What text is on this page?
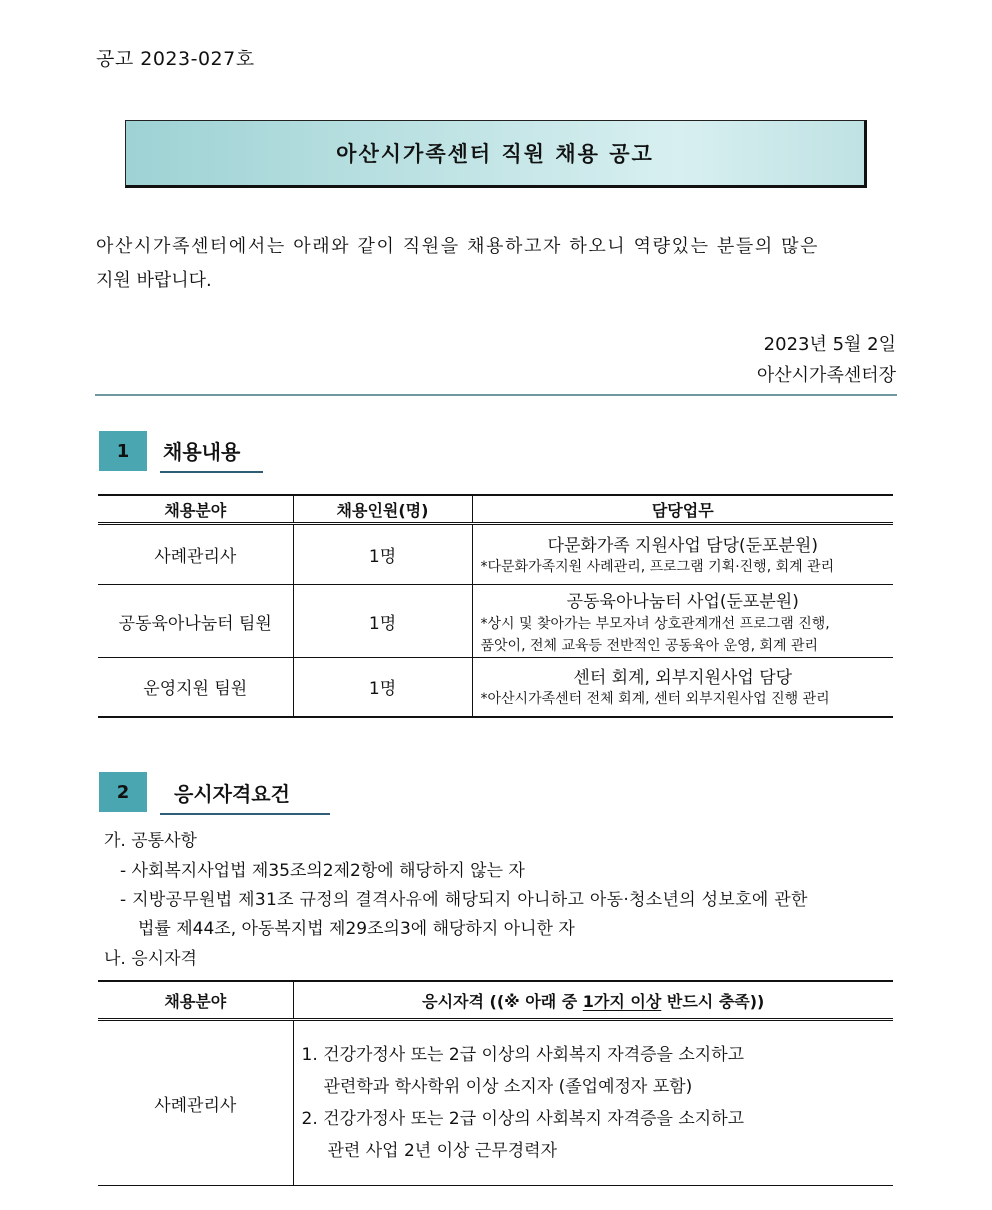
공고 2023-027호
아산시가족센터 직원 채용 공고
아산시가족센터에서는 아래와 같이 직원을 채용하고자 하오니 역량있는 분들의 많은
지원 바랍니다.
2023년 5월 2일
아산시가족센터장
1	채용내용
채용분야	채용인원(명)	담당업무
사례관리사	1명	다문화가족 지원사업 담당(둔포분원)
*다문화가족지원 사례관리, 프로그램 기획·진행, 회계 관리

공동육아나눔터 팀원	1명	공동육아나눔터 사업(둔포분원)
*상시 및 찾아가는 부모자녀 상호관계개선 프로그램 진행,
품앗이, 전체 교육등 전반적인 공동육아 운영, 회계 관리

운영지원 팀원	1명	센터 회계, 외부지원사업 담당
*아산시가족센터 전체 회계, 센터 외부지원사업 진행 관리
2	응시자격요건
가. 공통사항
- 사회복지사업법 제35조의2제2항에 해당하지 않는 자
- 지방공무원법 제31조 규정의 결격사유에 해당되지 아니하고 아동·청소년의 성보호에 관한
법률 제44조, 아동복지법 제29조의3에 해당하지 아니한 자
나. 응시자격
채용분야	응시자격 ((※ 아래 중 1가지 이상 반드시 충족))
사례관리사	1. 건강가정사 또는 2급 이상의 사회복지 자격증을 소지하고
관련학과 학사학위 이상 소지자 (졸업예정자 포함)
2. 건강가정사 또는 2급 이상의 사회복지 자격증을 소지하고
관련 사업 2년 이상 근무경력자
